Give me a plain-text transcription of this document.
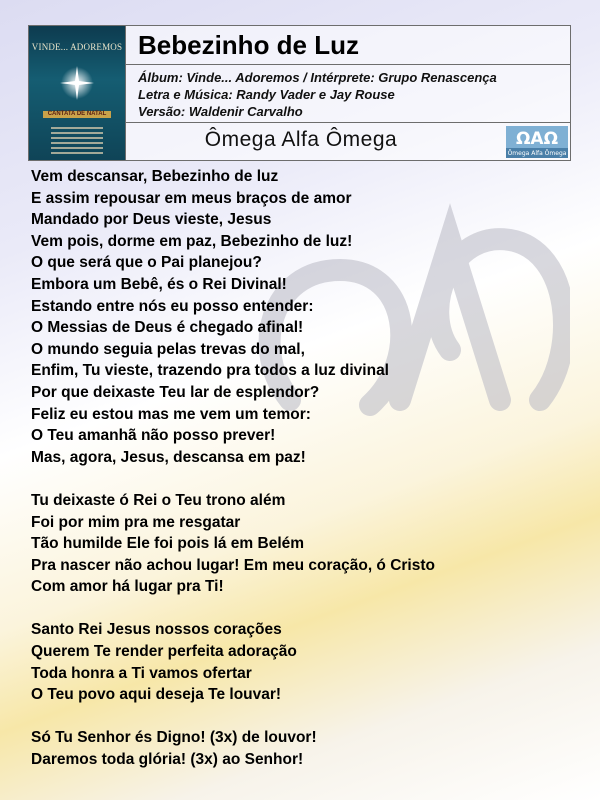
VINDE... ADOREMOS
CANTATA DE NATAL
Bebezinho de Luz
Álbum: Vinde... Adoremos / Intérprete: Grupo Renascença
Letra e Música: Randy Vader e Jay Rouse
Versão: Waldenir Carvalho
Ômega Alfa Ômega	ΩΑΩ
Ômega Alfa Ômega
Vem descansar, Bebezinho de luz
E assim repousar em meus braços de amor
Mandado por Deus vieste, Jesus
Vem pois, dorme em paz, Bebezinho de luz!
O que será que o Pai planejou?
Embora um Bebê, és o Rei Divinal!
Estando entre nós eu posso entender:
O Messias de Deus é chegado afinal!
O mundo seguia pelas trevas do mal,
Enfim, Tu vieste, trazendo pra todos a luz divinal
Por que deixaste Teu lar de esplendor?
Feliz eu estou mas me vem um temor:
O Teu amanhã não posso prever!
Mas, agora, Jesus, descansa em paz!
Tu deixaste ó Rei o Teu trono além
Foi por mim pra me resgatar
Tão humilde Ele foi pois lá em Belém
Pra nascer não achou lugar! Em meu coração, ó Cristo
Com amor há lugar pra Ti!
Santo Rei Jesus nossos corações
Querem Te render perfeita adoração
Toda honra a Ti vamos ofertar
O Teu povo aqui deseja Te louvar!
Só Tu Senhor és Digno! (3x) de louvor!
Daremos toda glória! (3x) ao Senhor!
